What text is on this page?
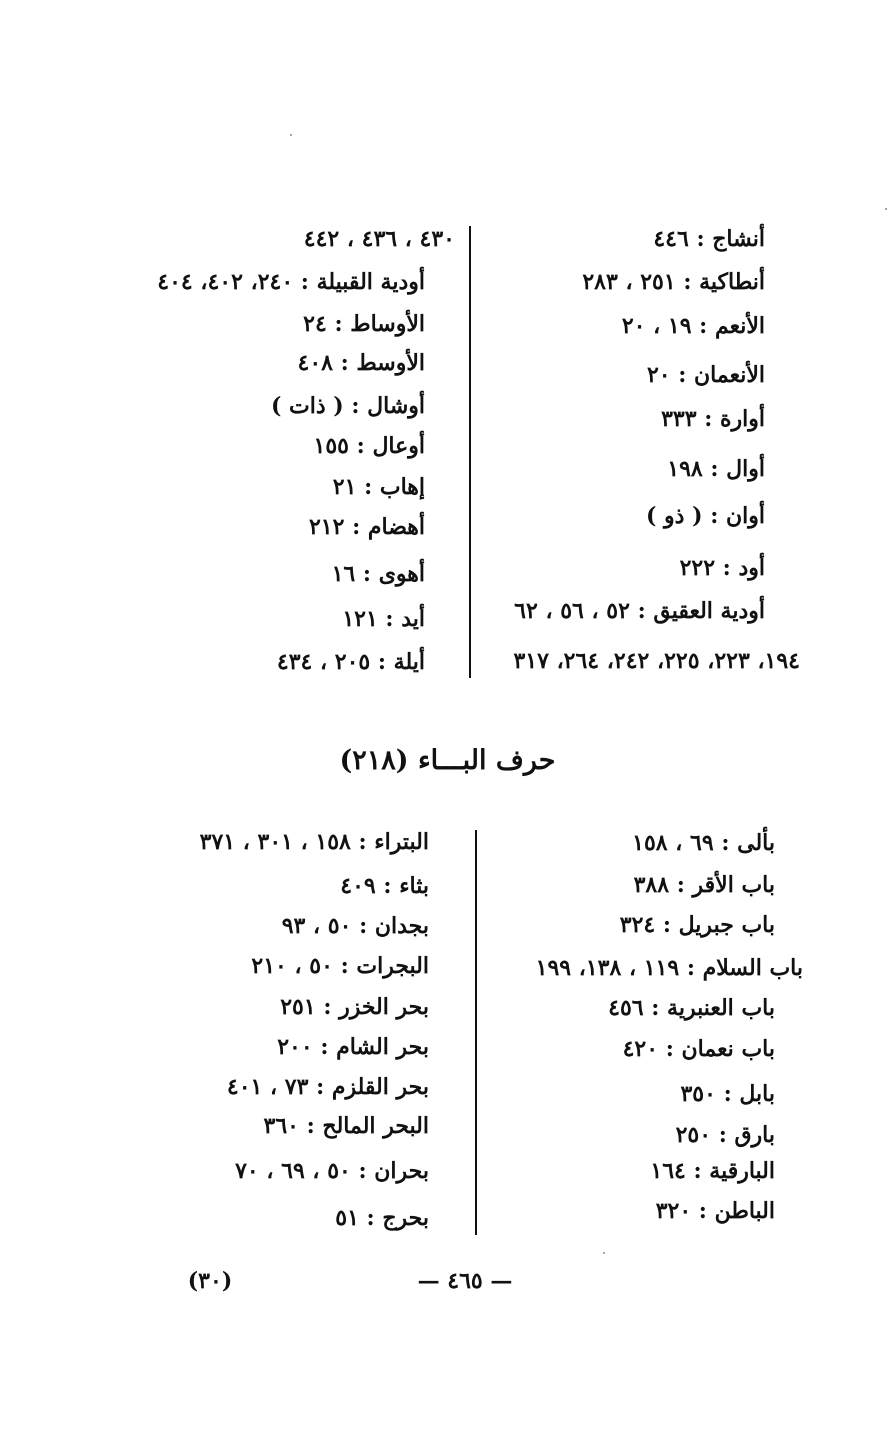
أنشاج : ٤٤٦
أنطاكية : ٢٥١ ، ٢٨٣
الأنعم : ١٩ ، ٢٠
الأنعمان : ٢٠
أوارة : ٣٣٣
أوال : ١٩٨
أوان : ( ذو )
أود : ٢٢٢
أودية العقيق : ٥٢ ، ٥٦ ، ٦٢
١٩٤، ٢٢٣، ٢٢٥، ٢٤٢، ٢٦٤، ٣١٧
٤٣٠ ، ٤٣٦ ، ٤٤٢
أودية القبيلة : ٢٤٠، ٤٠٢، ٤٠٤
الأوساط : ٢٤
الأوسط : ٤٠٨
أوشال : ( ذات )
أوعال : ١٥٥
إهاب : ٢١
أهضام : ٢١٢
أهوى : ١٦
أيد : ١٢١
أيلة : ٢٠٥ ، ٤٣٤
حرف البـــاء (٢١٨)
بألى : ٦٩ ، ١٥٨
باب الأقر : ٣٨٨
باب جبريل : ٣٢٤
باب السلام : ١١٩ ، ١٣٨، ١٩٩
باب العنبرية : ٤٥٦
باب نعمان : ٤٢٠
بابل : ٣٥٠
بارق : ٢٥٠
البارقية : ١٦٤
الباطن : ٣٢٠
البتراء : ١٥٨ ، ٣٠١ ، ٣٧١
بثاء : ٤٠٩
بجدان : ٥٠ ، ٩٣
البجرات : ٥٠ ، ٢١٠
بحر الخزر : ٢٥١
بحر الشام : ٢٠٠
بحر القلزم : ٧٣ ، ٤٠١
البحر المالح : ٣٦٠
بحران : ٥٠ ، ٦٩ ، ٧٠
بحرج : ٥١
— ٤٦٥ —
(٣٠)
